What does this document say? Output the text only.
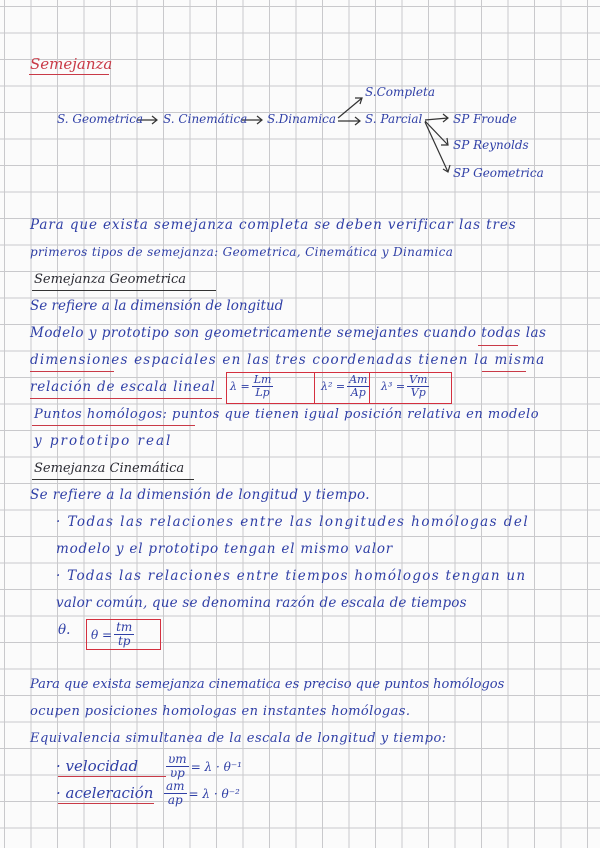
Semejanza
S. Geometrica S. Cinemática S.Dinamica
S.Completa
S. Parcial	SP Froude
SP Reynolds
SP Geometrica
Para que exista semejanza completa se deben verificar las tres
primeros tipos de semejanza: Geometrica, Cinemática y Dinamica
Semejanza Geometrica
Se refiere a la dimensión de longitud
Modelo y prototipo son geometricamente semejantes cuando todas las
dimensiones espaciales en las tres coordenadas tienen la misma
relación de escala lineal $\lambda = \frac{Lm}{Lp}$	$\lambda^2 = \frac{Am}{Ap} \lambda^3 = \frac{Vm}{Vp}$
Puntos homólogos: puntos que tienen igual posición relativa en modelo
y prototipo real
Semejanza Cinemática
Se refiere a la dimensión de longitud y tiempo.
· Todas las relaciones entre las longitudes homólogas del
modelo y el prototipo tengan el mismo valor
· Todas las relaciones entre tiempos homólogos tengan un
valor común, que se denomina razón de escala de tiempos
θ. $\theta = \frac{tm}{tp}$
Para que exista semejanza cinematica es preciso que puntos homólogos
ocupen posiciones homologas en instantes homólogas.
Equivalencia simultanea de la escala de longitud y tiempo:
· velocidad $\frac{\upsilon m}{\upsilon p} = \lambda \cdot \theta^{-1}$
· aceleración $\frac{am}{ap} = \lambda \cdot \theta^{-2}$
